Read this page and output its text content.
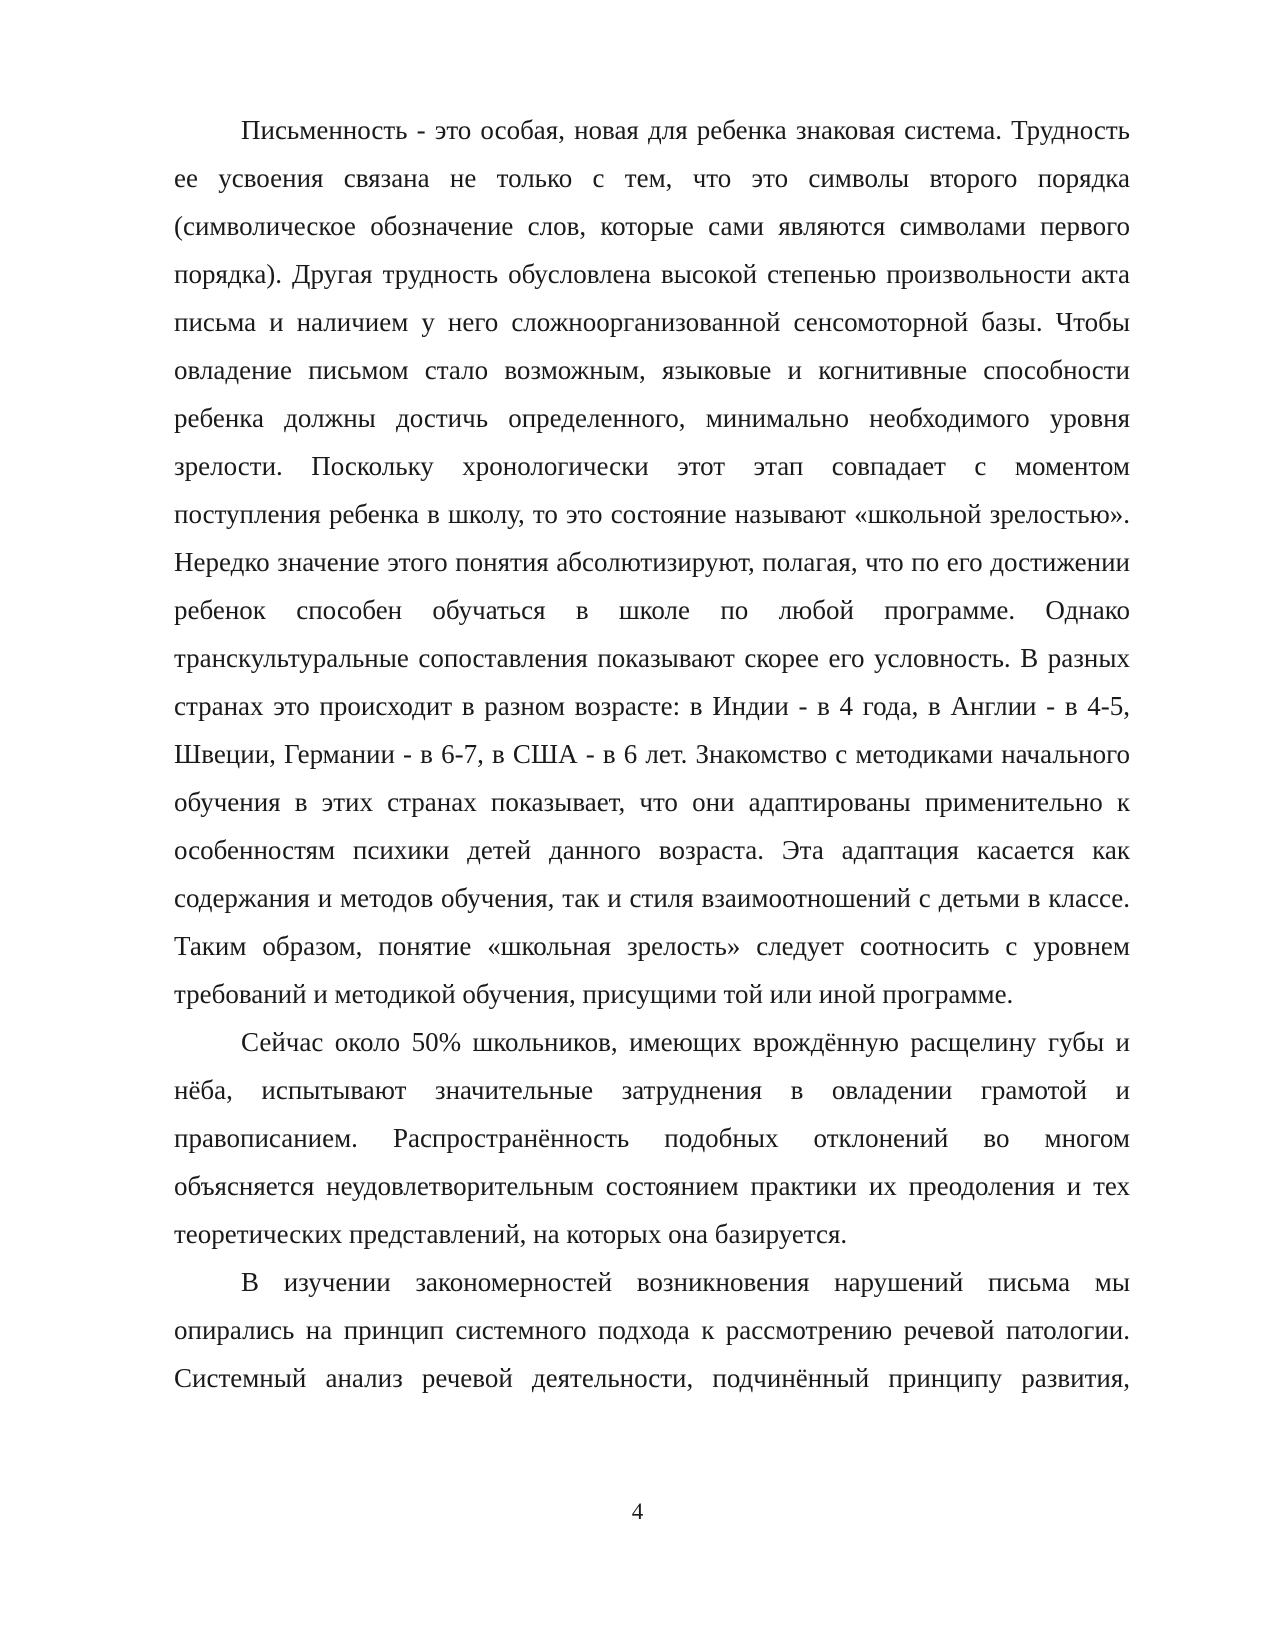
Письменность - это особая, новая для ребенка знаковая система. Трудность ее усвоения связана не только с тем, что это символы второго порядка (символическое обозначение слов, которые сами являются символами первого порядка). Другая трудность обусловлена высокой степенью произвольности акта письма и наличием у него сложноорганизованной сенсомоторной базы. Чтобы овладение письмом стало возможным, языковые и когнитивные способности ребенка должны достичь определенного, минимально необходимого уровня зрелости. Поскольку хронологически этот этап совпадает с моментом поступления ребенка в школу, то это состояние называют «школьной зрелостью». Нередко значение этого понятия абсолютизируют, полагая, что по его достижении ребенок способен обучаться в школе по любой программе. Однако транскультуральные сопоставления показывают скорее его условность. В разных странах это происходит в разном возрасте: в Индии - в 4 года, в Англии - в 4-5, Швеции, Германии - в 6-7, в США - в 6 лет. Знакомство с методиками начального обучения в этих странах показывает, что они адаптированы применительно к особенностям психики детей данного возраста. Эта адаптация касается как содержания и методов обучения, так и стиля взаимоотношений с детьми в классе. Таким образом, понятие «школьная зрелость» следует соотносить с уровнем требований и методикой обучения, присущими той или иной программе.

Сейчас около 50% школьников, имеющих врождённую расщелину губы и нёба, испытывают значительные затруднения в овладении грамотой и правописанием. Распространённость подобных отклонений во многом объясняется неудовлетворительным состоянием практики их преодоления и тех теоретических представлений, на которых она базируется.

В изучении закономерностей возникновения нарушений письма мы опирались на принцип системного подхода к рассмотрению речевой патологии. Системный анализ речевой деятельности, подчинённый принципу развития,

4
